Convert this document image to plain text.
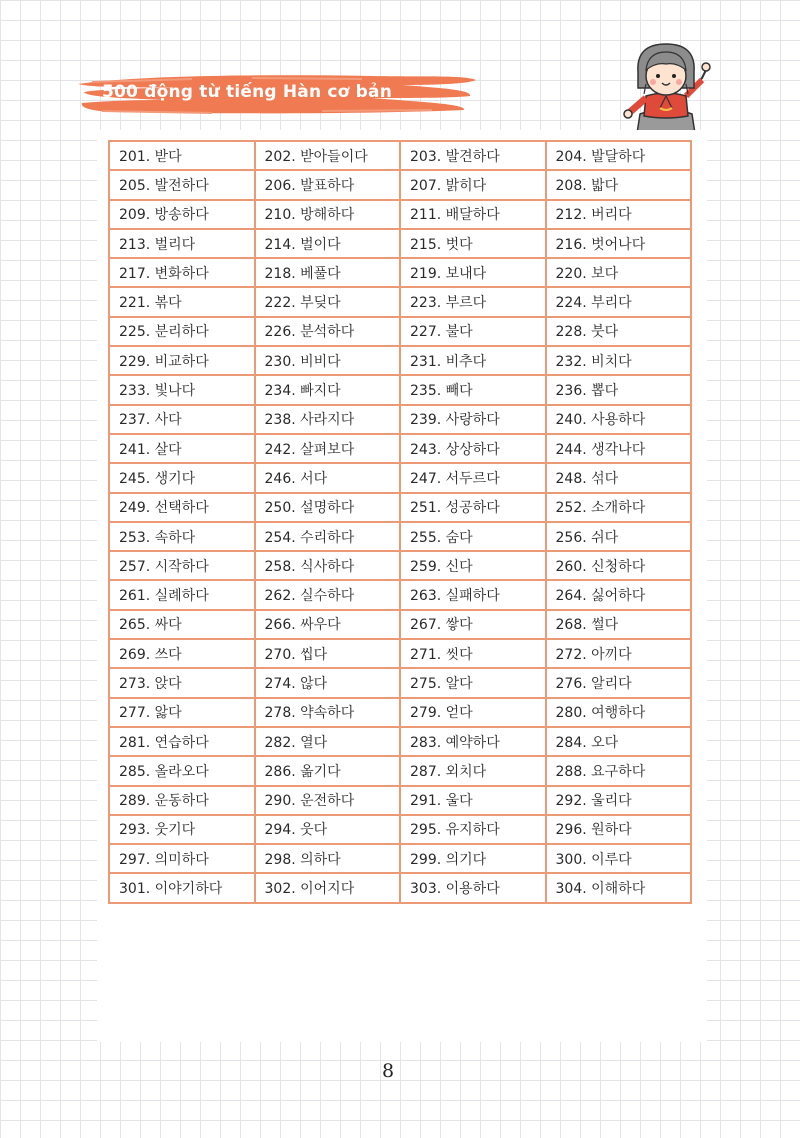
500 động từ tiếng Hàn cơ bản
201. 받다	202. 받아들이다	203. 발견하다	204. 발달하다
205. 발전하다	206. 발표하다	207. 밝히다	208. 밟다
209. 방송하다	210. 방해하다	211. 배달하다	212. 버리다
213. 벌리다	214. 벌이다	215. 벗다	216. 벗어나다
217. 변화하다	218. 베풀다	219. 보내다	220. 보다
221. 볶다	222. 부딪다	223. 부르다	224. 부리다
225. 분리하다	226. 분석하다	227. 불다	228. 붓다
229. 비교하다	230. 비비다	231. 비추다	232. 비치다
233. 빛나다	234. 빠지다	235. 빼다	236. 뽑다
237. 사다	238. 사라지다	239. 사랑하다	240. 사용하다
241. 살다	242. 살펴보다	243. 상상하다	244. 생각나다
245. 생기다	246. 서다	247. 서두르다	248. 섞다
249. 선택하다	250. 설명하다	251. 성공하다	252. 소개하다
253. 속하다	254. 수리하다	255. 숨다	256. 쉬다
257. 시작하다	258. 식사하다	259. 신다	260. 신청하다
261. 실례하다	262. 실수하다	263. 실패하다	264. 싫어하다
265. 싸다	266. 싸우다	267. 쌓다	268. 썰다
269. 쓰다	270. 씹다	271. 씻다	272. 아끼다
273. 앉다	274. 않다	275. 알다	276. 알리다
277. 앓다	278. 약속하다	279. 얻다	280. 여행하다
281. 연습하다	282. 열다	283. 예약하다	284. 오다
285. 올라오다	286. 옮기다	287. 외치다	288. 요구하다
289. 운동하다	290. 운전하다	291. 울다	292. 울리다
293. 웃기다	294. 웃다	295. 유지하다	296. 원하다
297. 의미하다	298. 의하다	299. 의기다	300. 이루다
301. 이야기하다	302. 이어지다	303. 이용하다	304. 이해하다
8
